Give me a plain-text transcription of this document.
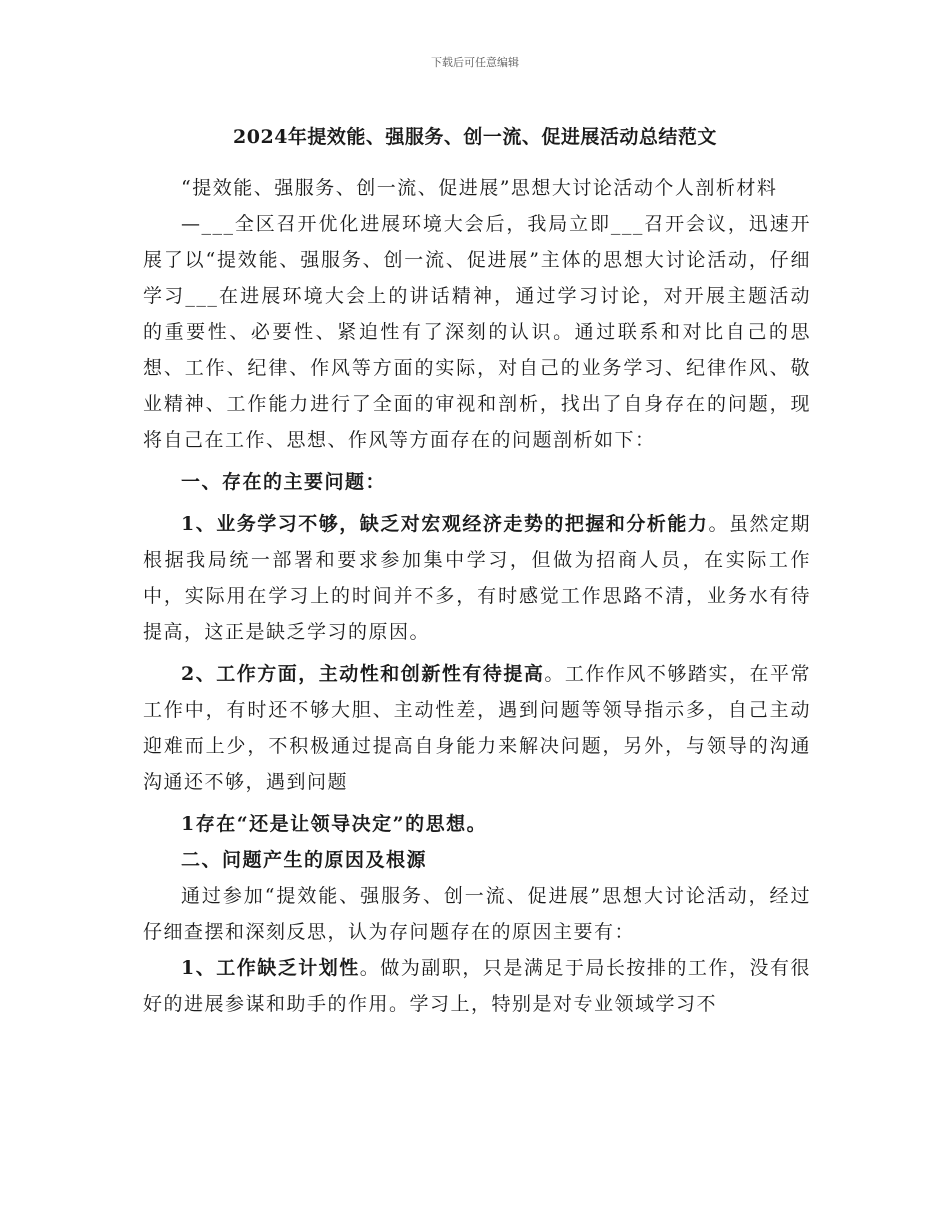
下载后可任意编辑
2024年提效能、强服务、创一流、促进展活动总结范文

“提效能、强服务、创一流、促进展”思想大讨论活动个人剖析材料

—___全区召开优化进展环境大会后，我局立即___召开会议，迅速开展了以“提效能、强服务、创一流、促进展”主体的思想大讨论活动，仔细学习___在进展环境大会上的讲话精神，通过学习讨论，对开展主题活动的重要性、必要性、紧迫性有了深刻的认识。通过联系和对比自己的思想、工作、纪律、作风等方面的实际，对自己的业务学习、纪律作风、敬业精神、工作能力进行了全面的审视和剖析，找出了自身存在的问题，现将自己在工作、思想、作风等方面存在的问题剖析如下：

一、存在的主要问题：

1、业务学习不够，缺乏对宏观经济走势的把握和分析能力。虽然定期根据我局统一部署和要求参加集中学习，但做为招商人员，在实际工作中，实际用在学习上的时间并不多，有时感觉工作思路不清，业务水有待提高，这正是缺乏学习的原因。

2、工作方面，主动性和创新性有待提高。工作作风不够踏实，在平常工作中，有时还不够大胆、主动性差，遇到问题等领导指示多，自己主动迎难而上少，不积极通过提高自身能力来解决问题，另外，与领导的沟通沟通还不够，遇到问题

1存在“还是让领导决定”的思想。

二、问题产生的原因及根源

通过参加“提效能、强服务、创一流、促进展”思想大讨论活动，经过仔细查摆和深刻反思，认为存问题存在的原因主要有：

1、工作缺乏计划性。做为副职，只是满足于局长按排的工作，没有很好的进展参谋和助手的作用。学习上，特别是对专业领域学习不
